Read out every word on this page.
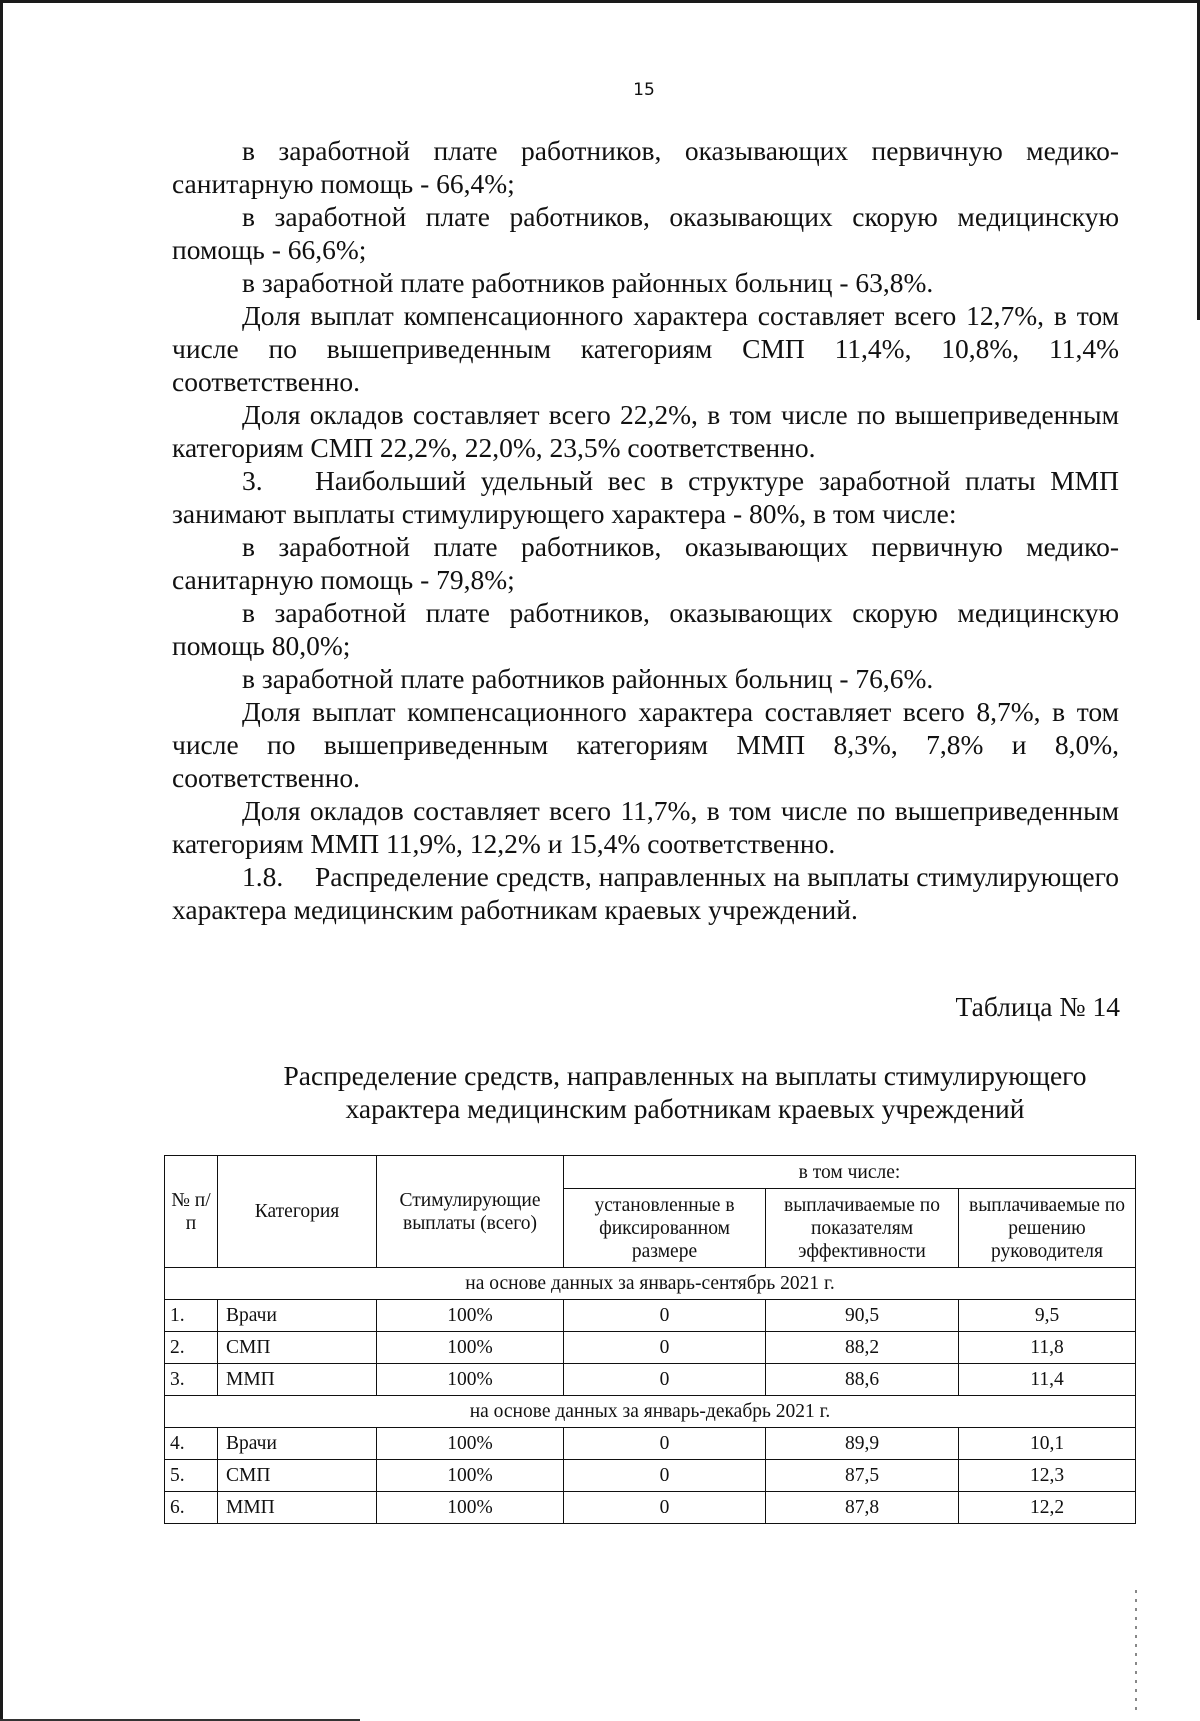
15

в заработной плате работников, оказывающих первичную медико-санитарную помощь - 66,4%;

в заработной плате работников, оказывающих скорую медицинскую помощь - 66,6%;

в заработной плате работников районных больниц - 63,8%.

Доля выплат компенсационного характера составляет всего 12,7%, в том числе по вышеприведенным категориям СМП 11,4%, 10,8%, 11,4% соответственно.

Доля окладов составляет всего 22,2%, в том числе по вышеприведенным категориям СМП 22,2%, 22,0%, 23,5% соответственно.

3. Наибольший удельный вес в структуре заработной платы ММП занимают выплаты стимулирующего характера - 80%, в том числе:

в заработной плате работников, оказывающих первичную медико-санитарную помощь - 79,8%;

в заработной плате работников, оказывающих скорую медицинскую помощь 80,0%;

в заработной плате работников районных больниц - 76,6%.

Доля выплат компенсационного характера составляет всего 8,7%, в том числе по вышеприведенным категориям ММП 8,3%, 7,8% и 8,0%, соответственно.

Доля окладов составляет всего 11,7%, в том числе по вышеприведенным категориям ММП 11,9%, 12,2% и 15,4% соответственно.

1.8. Распределение средств, направленных на выплаты стимулирующего характера медицинским работникам краевых учреждений.

Таблица № 14
Распределение средств, направленных на выплаты стимулирующего характера медицинским работникам краевых учреждений
№ п/п	Категория	Стимулирующие выплаты (всего)	в том числе:		
			установленные в фиксированном размере	выплачиваемые по показателям эффективности	выплачиваемые по решению руководителя
на основе данных за январь-сентябрь 2021 г.					
1.	Врачи	100%	0	90,5	9,5
2.	СМП	100%	0	88,2	11,8
3.	ММП	100%	0	88,6	11,4
на основе данных за январь-декабрь 2021 г.					
4.	Врачи	100%	0	89,9	10,1
5.	СМП	100%	0	87,5	12,3
6.	ММП	100%	0	87,8	12,2
